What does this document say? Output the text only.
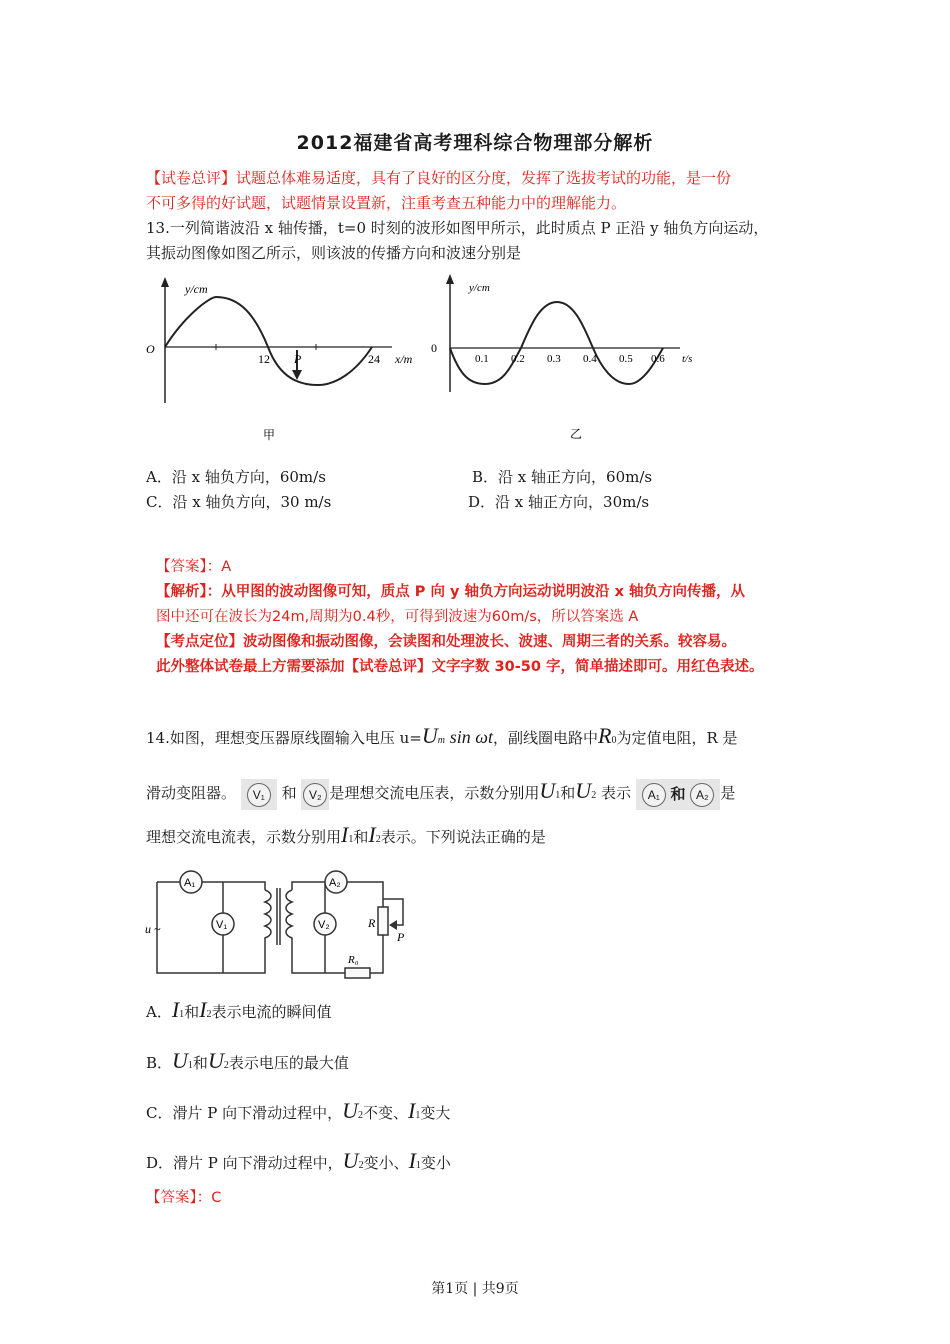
2012福建省高考理科综合物理部分解析
【试卷总评】试题总体难易适度，具有了良好的区分度，发挥了选拔考试的功能，是一份
不可多得的好试题，试题情景设置新，注重考查五种能力中的理解能力。
13.一列简谐波沿 x 轴传播，t=0 时刻的波形如图甲所示，此时质点 P 正沿 y 轴负方向运动，
其振动图像如图乙所示，则该波的传播方向和波速分别是
y/cm
O
12 P	24 x/m
甲
y/cm
0
0.1 0.2 0.3 0.4 0.5 0.6 t/s
乙
A．沿 x 轴负方向，60m/s	B．沿 x 轴正方向，60m/s
C．沿 x 轴负方向，30 m/s	D．沿 x 轴正方向，30m/s
【答案】：A
【解析】：从甲图的波动图像可知，质点 P 向 y 轴负方向运动说明波沿 x 轴负方向传播，从
图中还可在波长为24m,周期为0.4秒，可得到波速为60m/s，所以答案选 A
【考点定位】波动图像和振动图像，会读图和处理波长、波速、周期三者的关系。较容易。
此外整体试卷最上方需要添加【试卷总评】文字字数 30-50 字，简单描述即可。用红色表述。
14.如图，理想变压器原线圈输入电压 u=Um sin ωt，副线圈电路中R0为定值电阻，R 是
滑动变阻器。 V₁ 和 V₂ 是理想交流电压表，示数分别用U1和U2 表示 A₁ 和 A₂ 是
理想交流电流表，示数分别用I1和I2表示。下列说法正确的是
A₁
V₁
A₂
V₂
u ~	R
P
R₀
A．I1和I2表示电流的瞬间值
B．U1和U2表示电压的最大值
C．滑片 P 向下滑动过程中，U2不变、I1变大
D．滑片 P 向下滑动过程中，U2变小、I1变小
【答案】：C
第1页 | 共9页
